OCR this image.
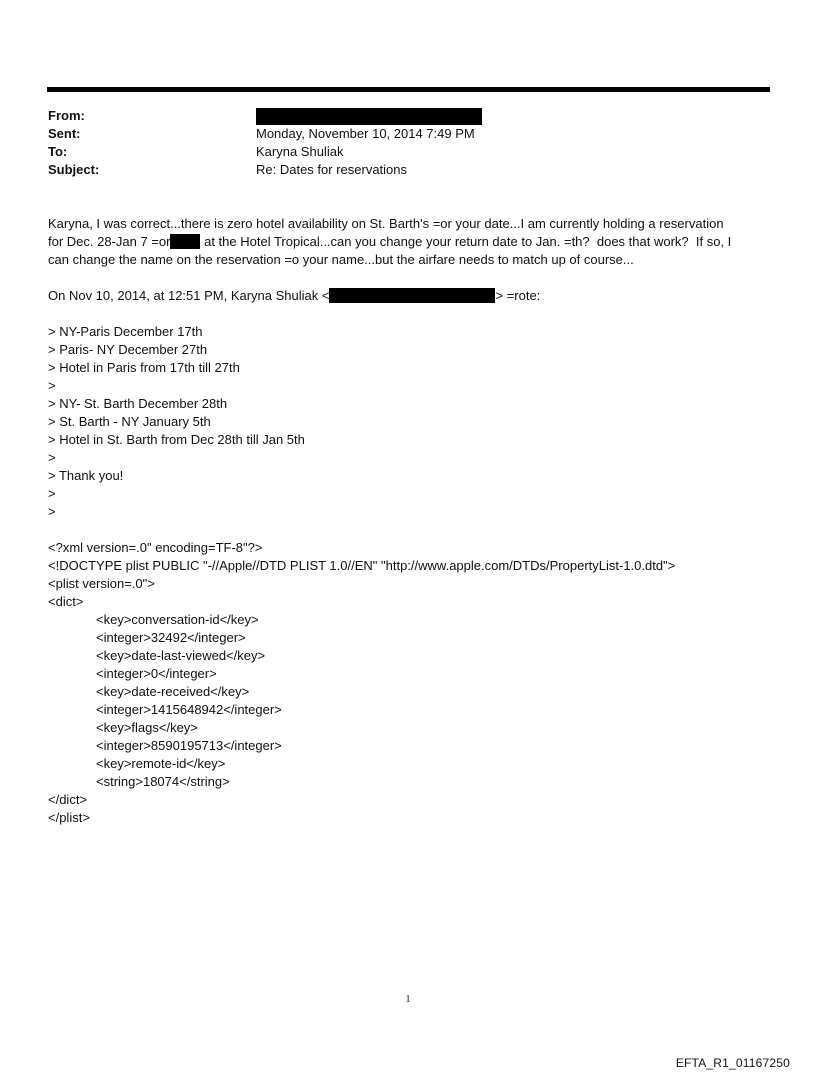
From:
Sent:	Monday, November 10, 2014 7:49 PM
To:	Karyna Shuliak
Subject:	Re: Dates for reservations
Karyna, I was correct...there is zero hotel availability on St. Barth's =or your date...I am currently holding a reservation
for Dec. 28-Jan 7 =or at the Hotel Tropical...can you change your return date to Jan. =th?  does that work?  If so, I
can change the name on the reservation =o your name...but the airfare needs to match up of course...
On Nov 10, 2014, at 12:51 PM, Karyna Shuliak <	> =rote:
> NY-Paris December 17th
> Paris- NY December 27th
> Hotel in Paris from 17th till 27th
>
> NY- St. Barth December 28th
> St. Barth - NY January 5th
> Hotel in St. Barth from Dec 28th till Jan 5th
>
> Thank you!
>
>
<?xml version=.0" encoding=TF-8"?>
<!DOCTYPE plist PUBLIC "-//Apple//DTD PLIST 1.0//EN" "http://www.apple.com/DTDs/PropertyList-1.0.dtd">
<plist version=.0">
<dict>
<key>conversation-id</key>
<integer>32492</integer>
<key>date-last-viewed</key>
<integer>0</integer>
<key>date-received</key>
<integer>1415648942</integer>
<key>flags</key>
<integer>8590195713</integer>
<key>remote-id</key>
<string>18074</string>
</dict>
</plist>
1
EFTA_R1_01167250
